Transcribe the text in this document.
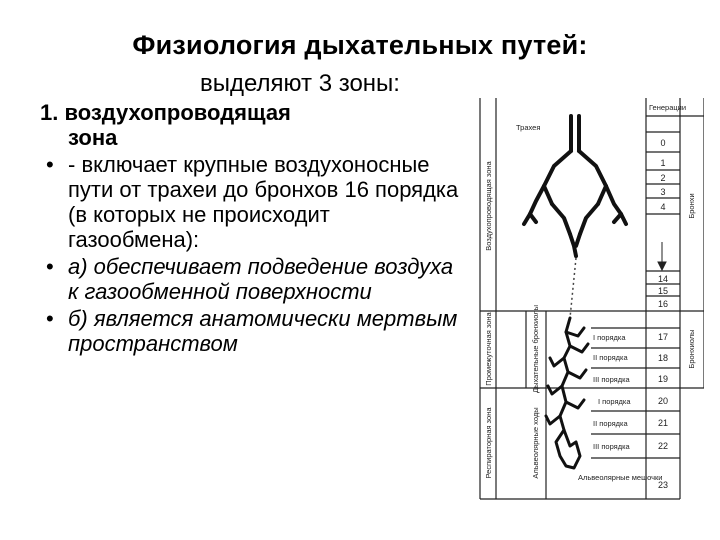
Физиология дыхательных путей:
выделяют 3 зоны:
1. воздухопроводящая
зона
• - включает крупные воздухоносные пути от трахеи до бронхов 16 порядка (в которых не происходит газообмена):
• а) обеспечивает подведение воздуха к газообменной поверхности
• б) является анатомически мертвым пространством
0
1
2
3
4
14
15
16
17
18
19
20
21
22
23
Генерации
Трахея
I порядка
II порядка
III порядка
I порядка
II порядка
III порядка
Альвеолярные мешочки
Воздухопроводящая зона
Промежуточная зона
Респираторная зона
Дыхательные бронхиолы
Альвеолярные ходы
Бронхи
Бронхиолы
